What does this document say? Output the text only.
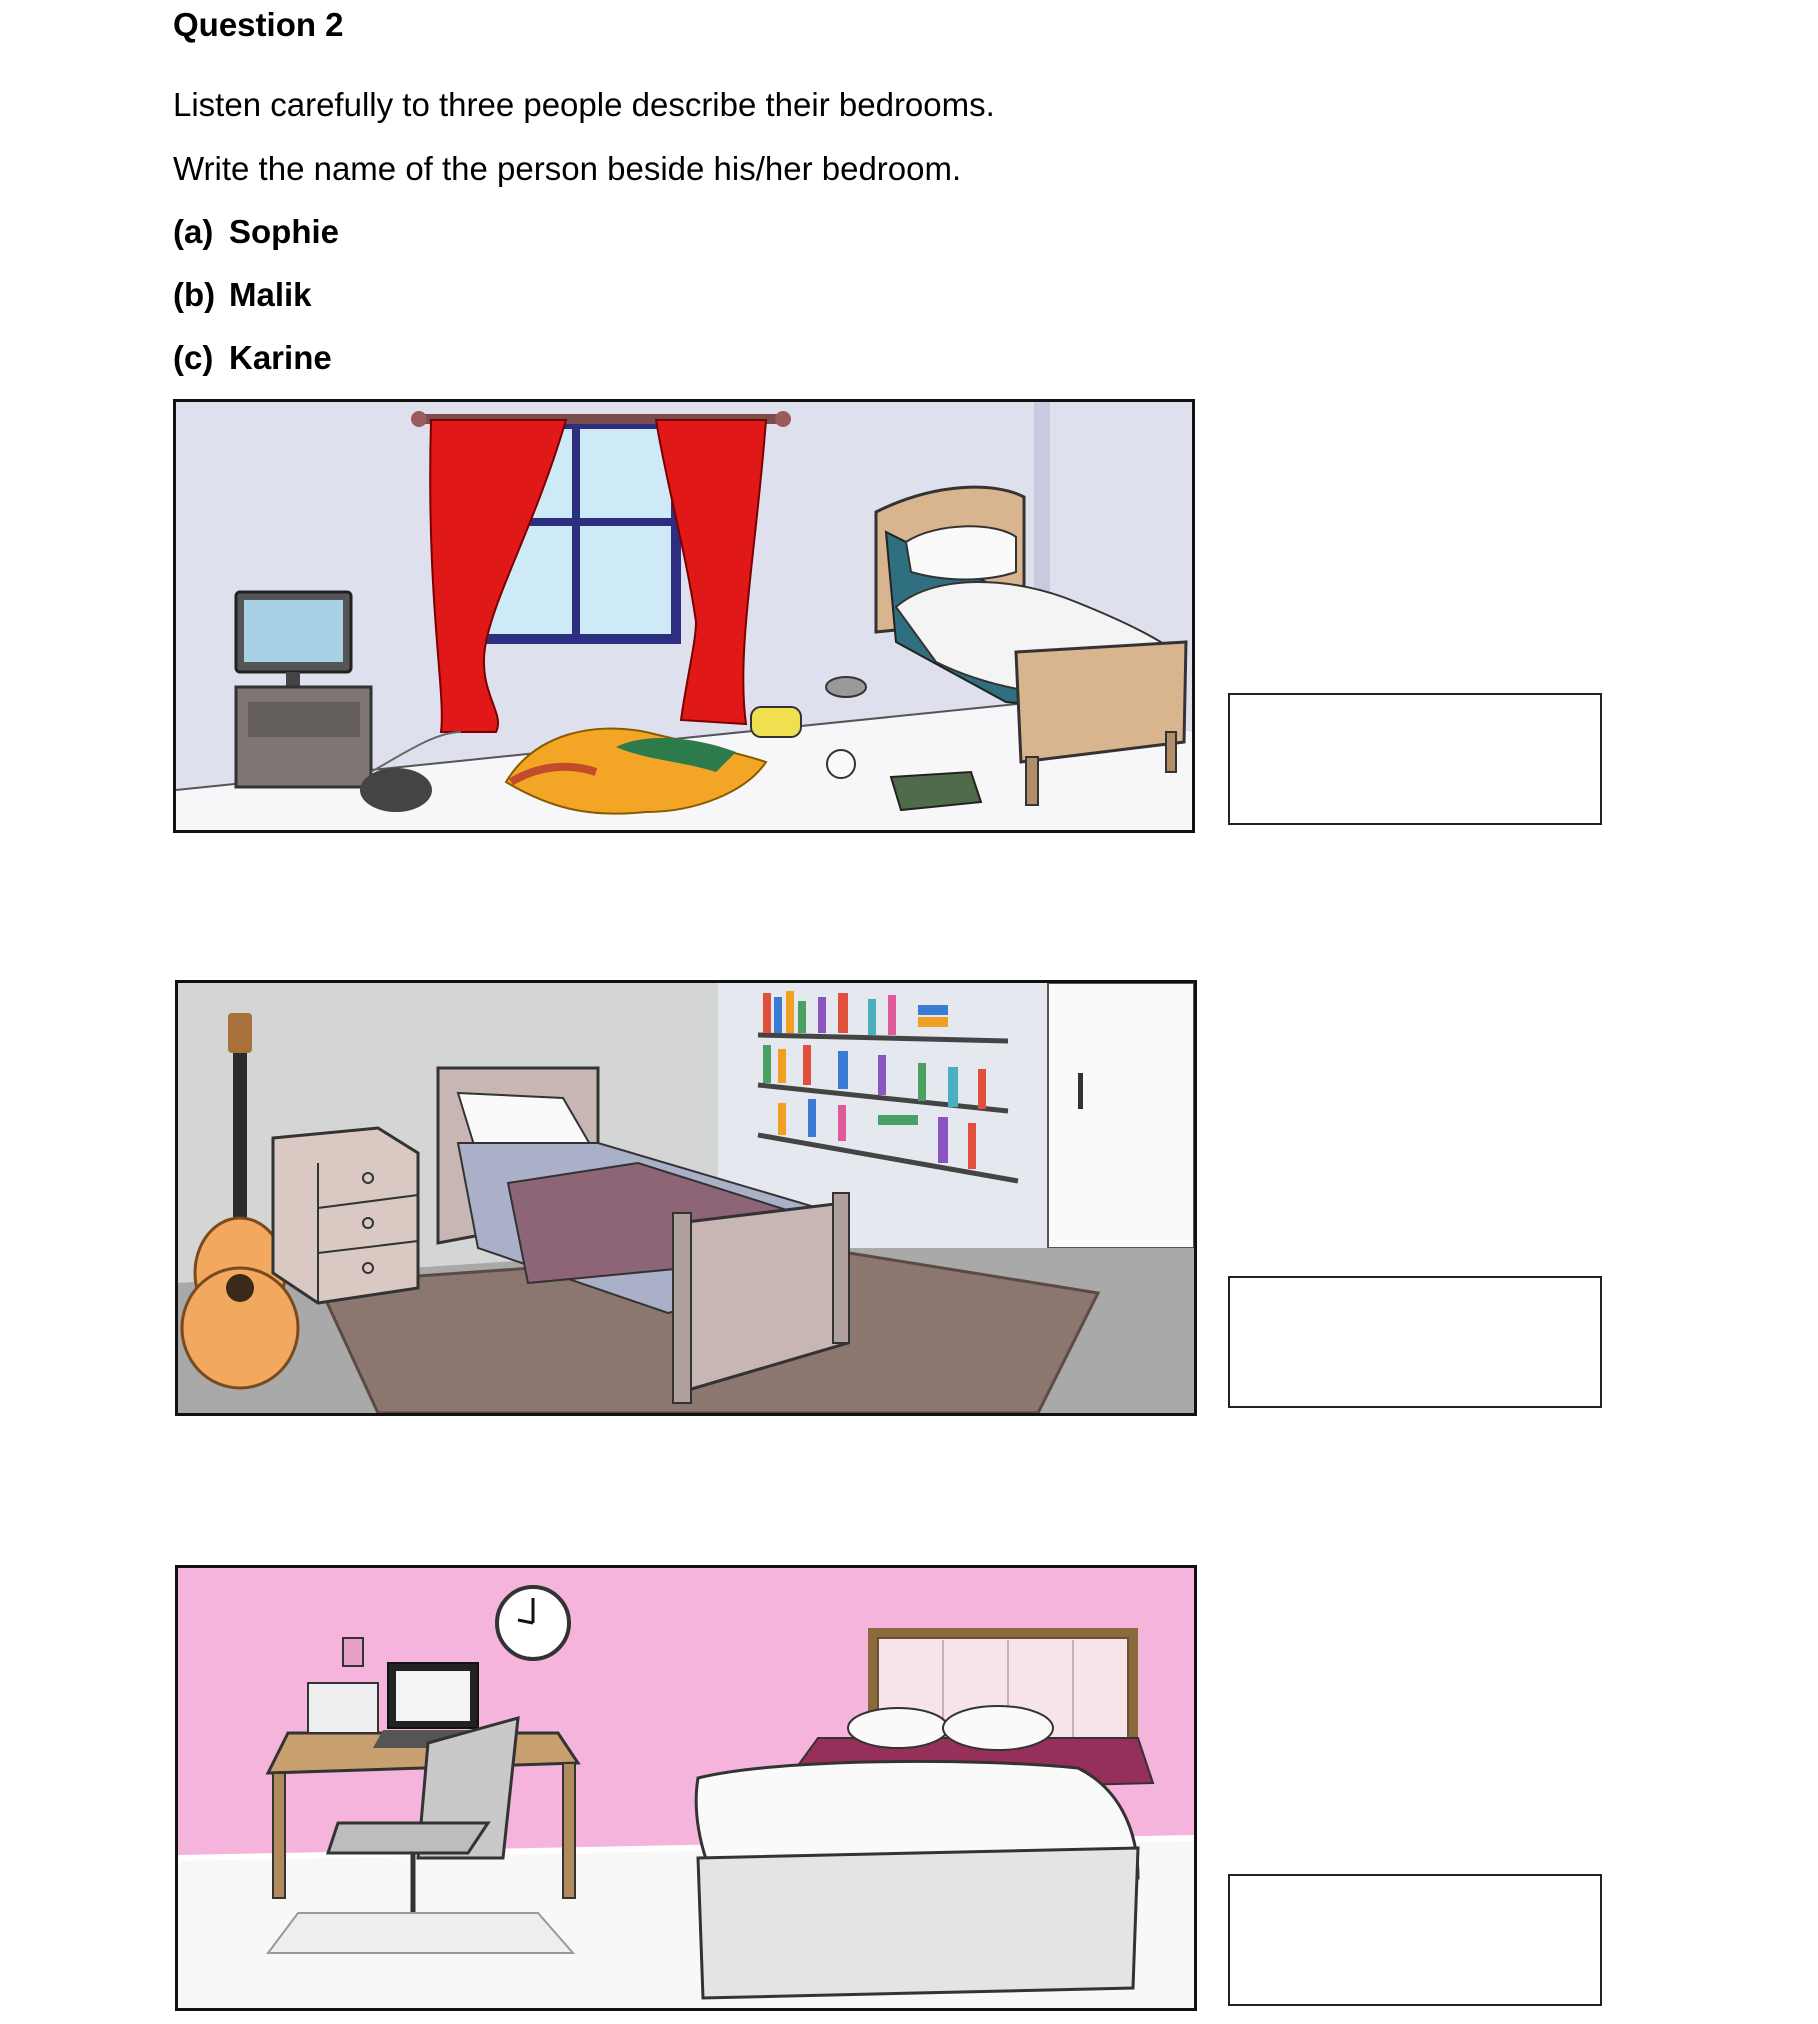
Question 2

Listen carefully to three people describe their bedrooms.

Write the name of the person beside his/her bedroom.

(a) Sophie

(b) Malik

(c) Karine
